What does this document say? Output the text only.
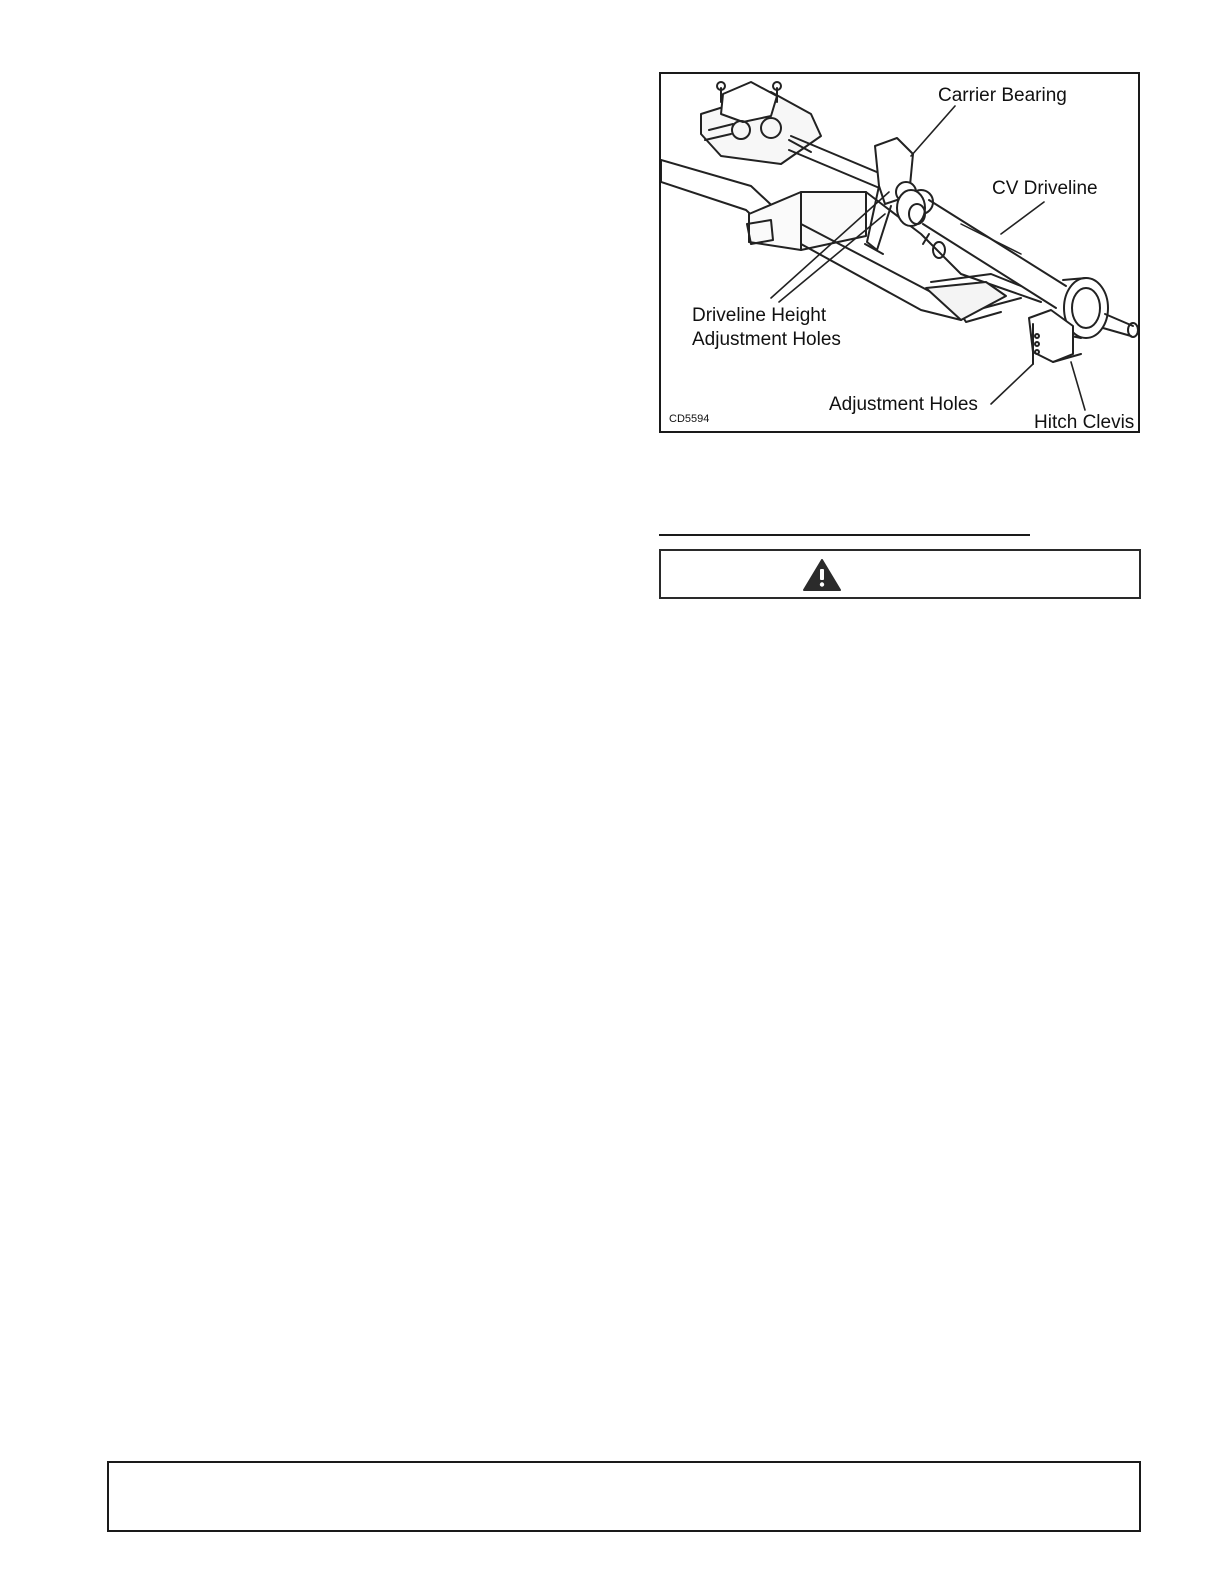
Carrier Bearing
CV Driveline
Driveline Height
Adjustment Holes
Adjustment Holes
Hitch Clevis
CD5594
